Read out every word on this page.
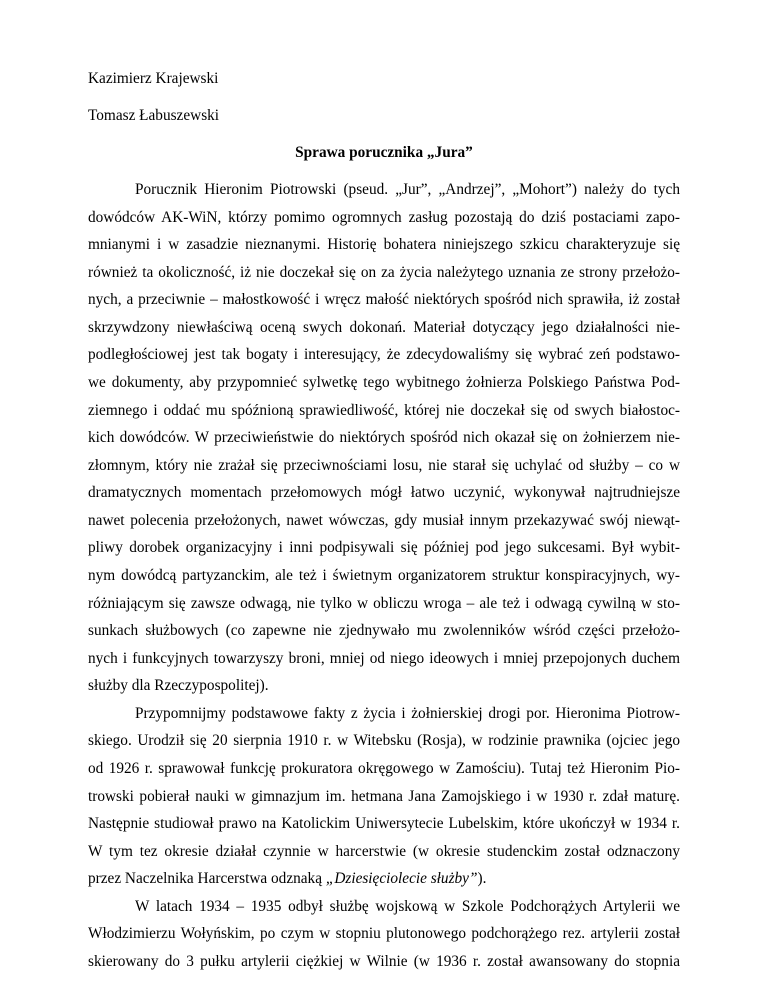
Kazimierz Krajewski
Tomasz Łabuszewski
Sprawa porucznika „Jura”
Porucznik Hieronim Piotrowski (pseud. „Jur”, „Andrzej”, „Mohort”) należy do tych
dowódców AK-WiN, którzy pomimo ogromnych zasług pozostają do dziś postaciami zapo-
mnianymi i w zasadzie nieznanymi. Historię bohatera niniejszego szkicu charakteryzuje się
również ta okoliczność, iż nie doczekał się on za życia należytego uznania ze strony przełożo-
nych, a przeciwnie – małostkowość i wręcz małość niektórych spośród nich sprawiła, iż został
skrzywdzony niewłaściwą oceną swych dokonań. Materiał dotyczący jego działalności nie-
podległościowej jest tak bogaty i interesujący, że zdecydowaliśmy się wybrać zeń podstawo-
we dokumenty, aby przypomnieć sylwetkę tego wybitnego żołnierza Polskiego Państwa Pod-
ziemnego i oddać mu spóźnioną sprawiedliwość, której nie doczekał się od swych białostoc-
kich dowódców. W przeciwieństwie do niektórych spośród nich okazał się on żołnierzem nie-
złomnym, który nie zrażał się przeciwnościami losu, nie starał się uchylać od służby – co w
dramatycznych momentach przełomowych mógł łatwo uczynić, wykonywał najtrudniejsze
nawet polecenia przełożonych, nawet wówczas, gdy musiał innym przekazywać swój niewąt-
pliwy dorobek organizacyjny i inni podpisywali się później pod jego sukcesami. Był wybit-
nym dowódcą partyzanckim, ale też i świetnym organizatorem struktur konspiracyjnych, wy-
różniającym się zawsze odwagą, nie tylko w obliczu wroga – ale też i odwagą cywilną w sto-
sunkach służbowych (co zapewne nie zjednywało mu zwolenników wśród części przełożo-
nych i funkcyjnych towarzyszy broni, mniej od niego ideowych i mniej przepojonych duchem
służby dla Rzeczypospolitej).
Przypomnijmy podstawowe fakty z życia i żołnierskiej drogi por. Hieronima Piotrow-
skiego. Urodził się 20 sierpnia 1910 r. w Witebsku (Rosja), w rodzinie prawnika (ojciec jego
od 1926 r. sprawował funkcję prokuratora okręgowego w Zamościu). Tutaj też Hieronim Pio-
trowski pobierał nauki w gimnazjum im. hetmana Jana Zamojskiego i w 1930 r. zdał maturę.
Następnie studiował prawo na Katolickim Uniwersytecie Lubelskim, które ukończył w 1934 r.
W tym tez okresie działał czynnie w harcerstwie (w okresie studenckim został odznaczony
przez Naczelnika Harcerstwa odznaką „Dziesięciolecie służby”).
W latach 1934 – 1935 odbył służbę wojskową w Szkole Podchorążych Artylerii we
Włodzimierzu Wołyńskim, po czym w stopniu plutonowego podchorążego rez. artylerii został
skierowany do 3 pułku artylerii ciężkiej w Wilnie (w 1936 r. został awansowany do stopnia
